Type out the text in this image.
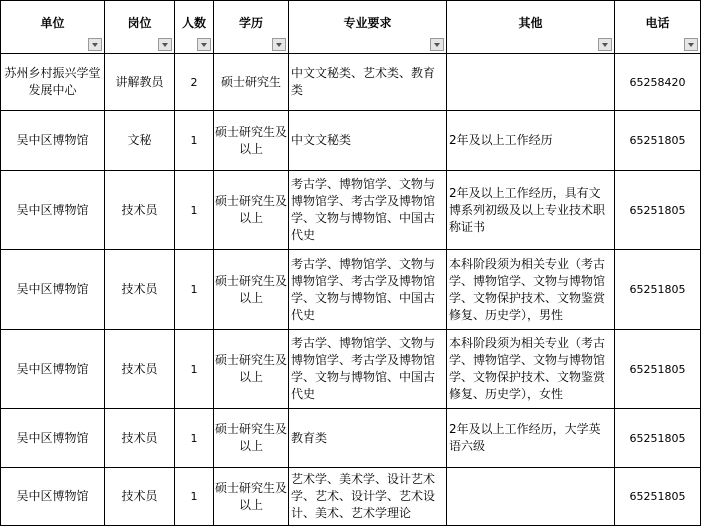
单位	岗位	人数	学历	专业要求	其他	电话

苏州乡村振兴学堂发展中心	讲解教员	2	硕士研究生	中文文秘类、艺术类、教育类		65258420
吴中区博物馆	文秘	1	硕士研究生及以上	中文文秘类	2年及以上工作经历	65251805
吴中区博物馆	技术员	1	硕士研究生及以上	考古学、博物馆学、文物与博物馆学、考古学及博物馆学、文物与博物馆、中国古代史	2年及以上工作经历，具有文博系列初级及以上专业技术职称证书	65251805
吴中区博物馆	技术员	1	硕士研究生及以上	考古学、博物馆学、文物与博物馆学、考古学及博物馆学、文物与博物馆、中国古代史	本科阶段须为相关专业（考古学、博物馆学、文物与博物馆学、文物保护技术、文物鉴赏修复、历史学），男性	65251805
吴中区博物馆	技术员	1	硕士研究生及以上	考古学、博物馆学、文物与博物馆学、考古学及博物馆学、文物与博物馆、中国古代史	本科阶段须为相关专业（考古学、博物馆学、文物与博物馆学、文物保护技术、文物鉴赏修复、历史学），女性	65251805
吴中区博物馆	技术员	1	硕士研究生及以上	教育类	2年及以上工作经历，大学英语六级	65251805
吴中区博物馆	技术员	1	硕士研究生及以上	艺术学、美术学、设计艺术学、艺术、设计学、艺术设计、美术、艺术学理论		65251805
